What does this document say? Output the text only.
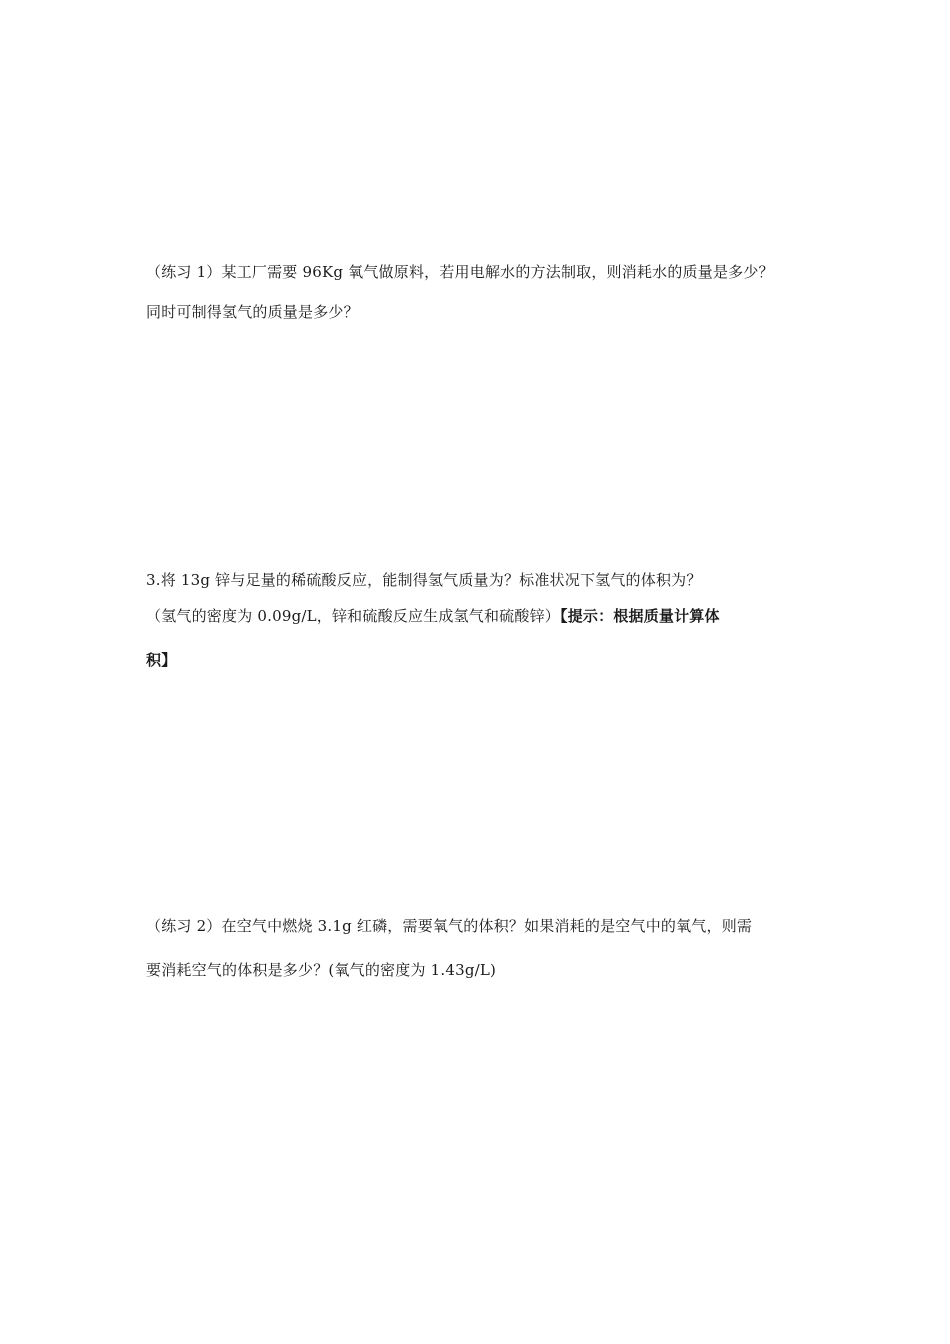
（练习 1）某工厂需要 96Kg 氧气做原料，若用电解水的方法制取，则消耗水的质量是多少？
同时可制得氢气的质量是多少？
3.将 13g 锌与足量的稀硫酸反应，能制得氢气质量为？标准状况下氢气的体积为？
（氢气的密度为 0.09g/L，锌和硫酸反应生成氢气和硫酸锌）【提示：根据质量计算体
积】
（练习 2）在空气中燃烧 3.1g 红磷，需要氧气的体积？如果消耗的是空气中的氧气，则需
要消耗空气的体积是多少？(氧气的密度为 1.43g/L)
